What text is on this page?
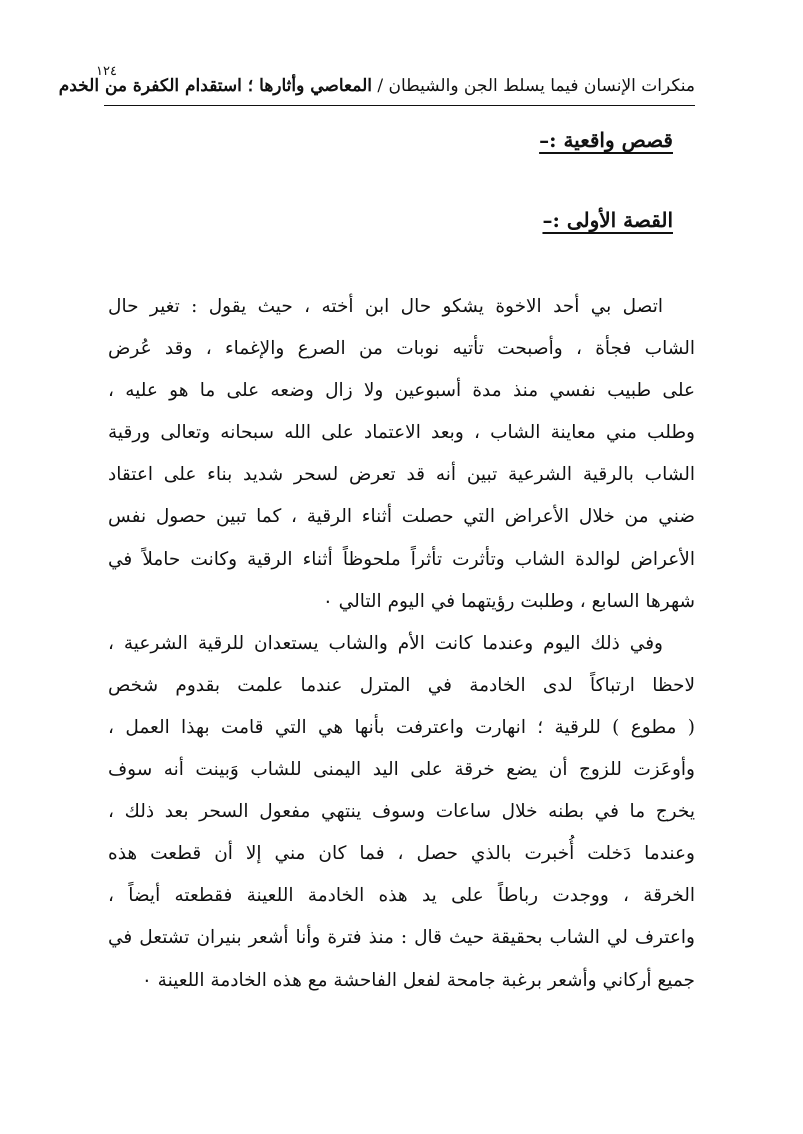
منكرات الإنسان فيما يسلط الجن والشيطان / المعاصي وأثارها ؛ استقدام الكفرة من الخدم
١٢٤
قصص واقعية :–
القصة الأولى :–
اتصل بي أحد الاخوة يشكو حال ابن أخته ، حيث يقول : تغير حال
الشاب فجأة ، وأصبحت تأتيه نوبات من الصرع والإغماء ، وقد عُرض
على طبيب نفسي منذ مدة أسبوعين ولا زال وضعه على ما هو عليه ،
وطلب مني معاينة الشاب ، وبعد الاعتماد على الله سبحانه وتعالى ورقية
الشاب بالرقية الشرعية تبين أنه قد تعرض لسحر شديد بناء على اعتقاد
ضني من خلال الأعراض التي حصلت أثناء الرقية ، كما تبين حصول نفس
الأعراض لوالدة الشاب وتأثرت تأثراً ملحوظاً أثناء الرقية وكانت حاملاً في
شهرها السابع ، وطلبت رؤيتهما في اليوم التالي ٠
وفي ذلك اليوم وعندما كانت الأم والشاب يستعدان للرقية الشرعية ،
لاحظا ارتباكاً لدى الخادمة في المترل عندما علمت بقدوم شخص
( مطوع ) للرقية ؛ انهارت واعترفت بأنها هي التي قامت بهذا العمل ،
وأوعَزت للزوج أن يضع خرقة على اليد اليمنى للشاب وَبينت أنه سوف
يخرج ما في بطنه خلال ساعات وسوف ينتهي مفعول السحر بعد ذلك ،
وعندما دَخلت أُخبرت بالذي حصل ، فما كان مني إلا أن قطعت هذه
الخرقة ، ووجدت رباطاً على يد هذه الخادمة اللعينة فقطعته أيضاً ،
واعترف لي الشاب بحقيقة حيث قال : منذ فترة وأنا أشعر بنيران تشتعل في
جميع أركاني وأشعر برغبة جامحة لفعل الفاحشة مع هذه الخادمة اللعينة ٠
